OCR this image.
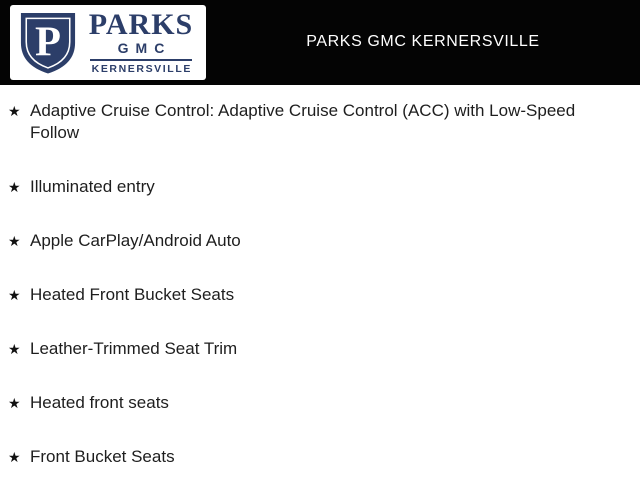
P PARKS
GMC
KERNERSVILLE
PARKS GMC KERNERSVILLE
★ Adaptive Cruise Control: Adaptive Cruise Control (ACC) with Low-Speed Follow
★ Illuminated entry
★ Apple CarPlay/Android Auto
★ Heated Front Bucket Seats
★ Leather-Trimmed Seat Trim
★ Heated front seats
★ Front Bucket Seats
